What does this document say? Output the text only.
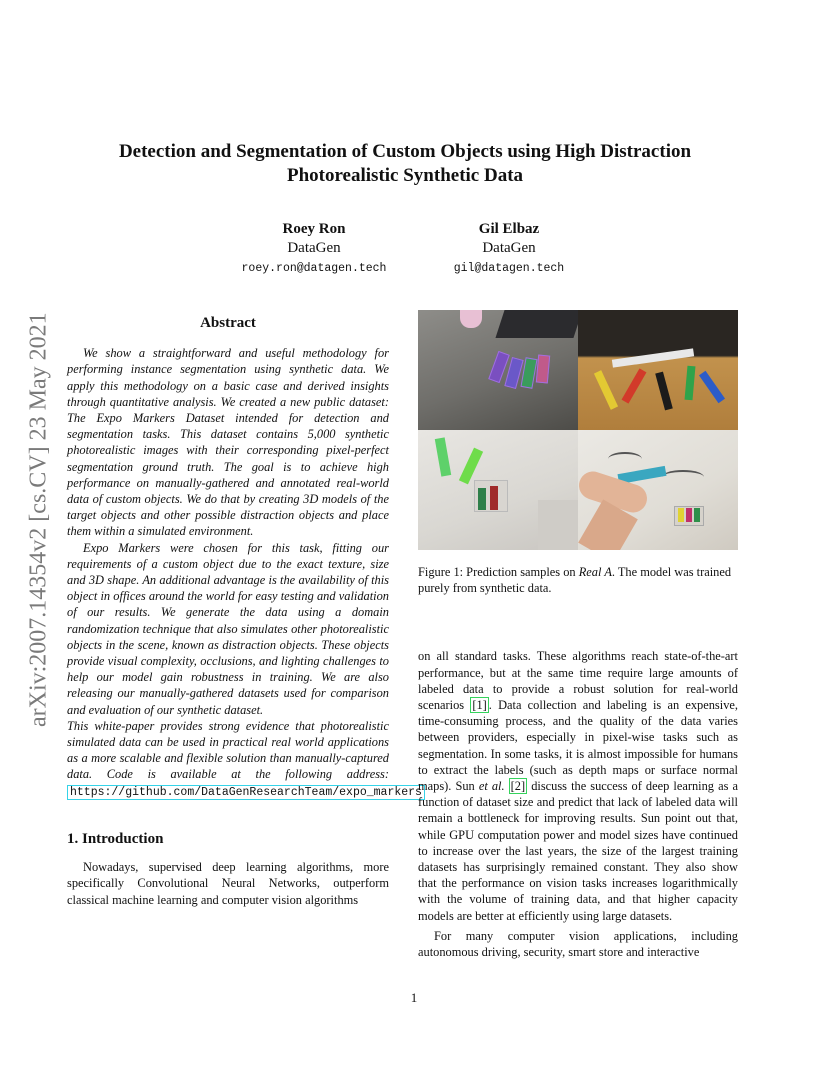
arXiv:2007.14354v2 [cs.CV] 23 May 2021
Detection and Segmentation of Custom Objects using High Distraction
Photorealistic Synthetic Data
Roey Ron
DataGen
roey.ron@datagen.tech
Gil Elbaz
DataGen
gil@datagen.tech
Abstract

We show a straightforward and useful methodology for performing instance segmentation using synthetic data. We apply this methodology on a basic case and derived insights through quantitative analysis. We created a new public dataset: The Expo Markers Dataset intended for detection and segmentation tasks. This dataset contains 5,000 synthetic photorealistic images with their corresponding pixel-perfect segmentation ground truth. The goal is to achieve high performance on manually-gathered and annotated real-world data of custom objects. We do that by creating 3D models of the target objects and other possible distraction objects and place them within a simulated environment.

Expo Markers were chosen for this task, fitting our requirements of a custom object due to the exact texture, size and 3D shape. An additional advantage is the availability of this object in offices around the world for easy testing and validation of our results. We generate the data using a domain randomization technique that also simulates other photorealistic objects in the scene, known as distraction objects. These objects provide visual complexity, occlusions, and lighting challenges to help our model gain robustness in training. We are also releasing our manually-gathered datasets used for comparison and evaluation of our synthetic dataset.

This white-paper provides strong evidence that photorealistic simulated data can be used in practical real world applications as a more scalable and flexible solution than manually-captured data. Code is available at the following address: https://github.com/DataGenResearchTeam/expo_markers

1. Introduction

Nowadays, supervised deep learning algorithms, more specifically Convolutional Neural Networks, outperform classical machine learning and computer vision algorithms

Figure 1: Prediction samples on Real A. The model was trained purely from synthetic data.

on all standard tasks. These algorithms reach state-of-the-art performance, but at the same time require large amounts of labeled data to provide a robust solution for real-world scenarios [1] . Data collection and labeling is an expensive, time-consuming process, and the quality of the data varies between providers, especially in pixel-wise tasks such as segmentation. In some tasks, it is almost impossible for humans to extract the labels (such as depth maps or surface normal maps). Sun et al. [2] discuss the success of deep learning as a function of dataset size and predict that lack of labeled data will remain a bottleneck for improving results. Sun point out that, while GPU computation power and model sizes have continued to increase over the last years, the size of the largest training datasets has surprisingly remained constant. They also show that the performance on vision tasks increases logarithmically with the volume of training data, and that higher capacity models are better at efficiently using large datasets.

For many computer vision applications, including autonomous driving, security, smart store and interactive

1
